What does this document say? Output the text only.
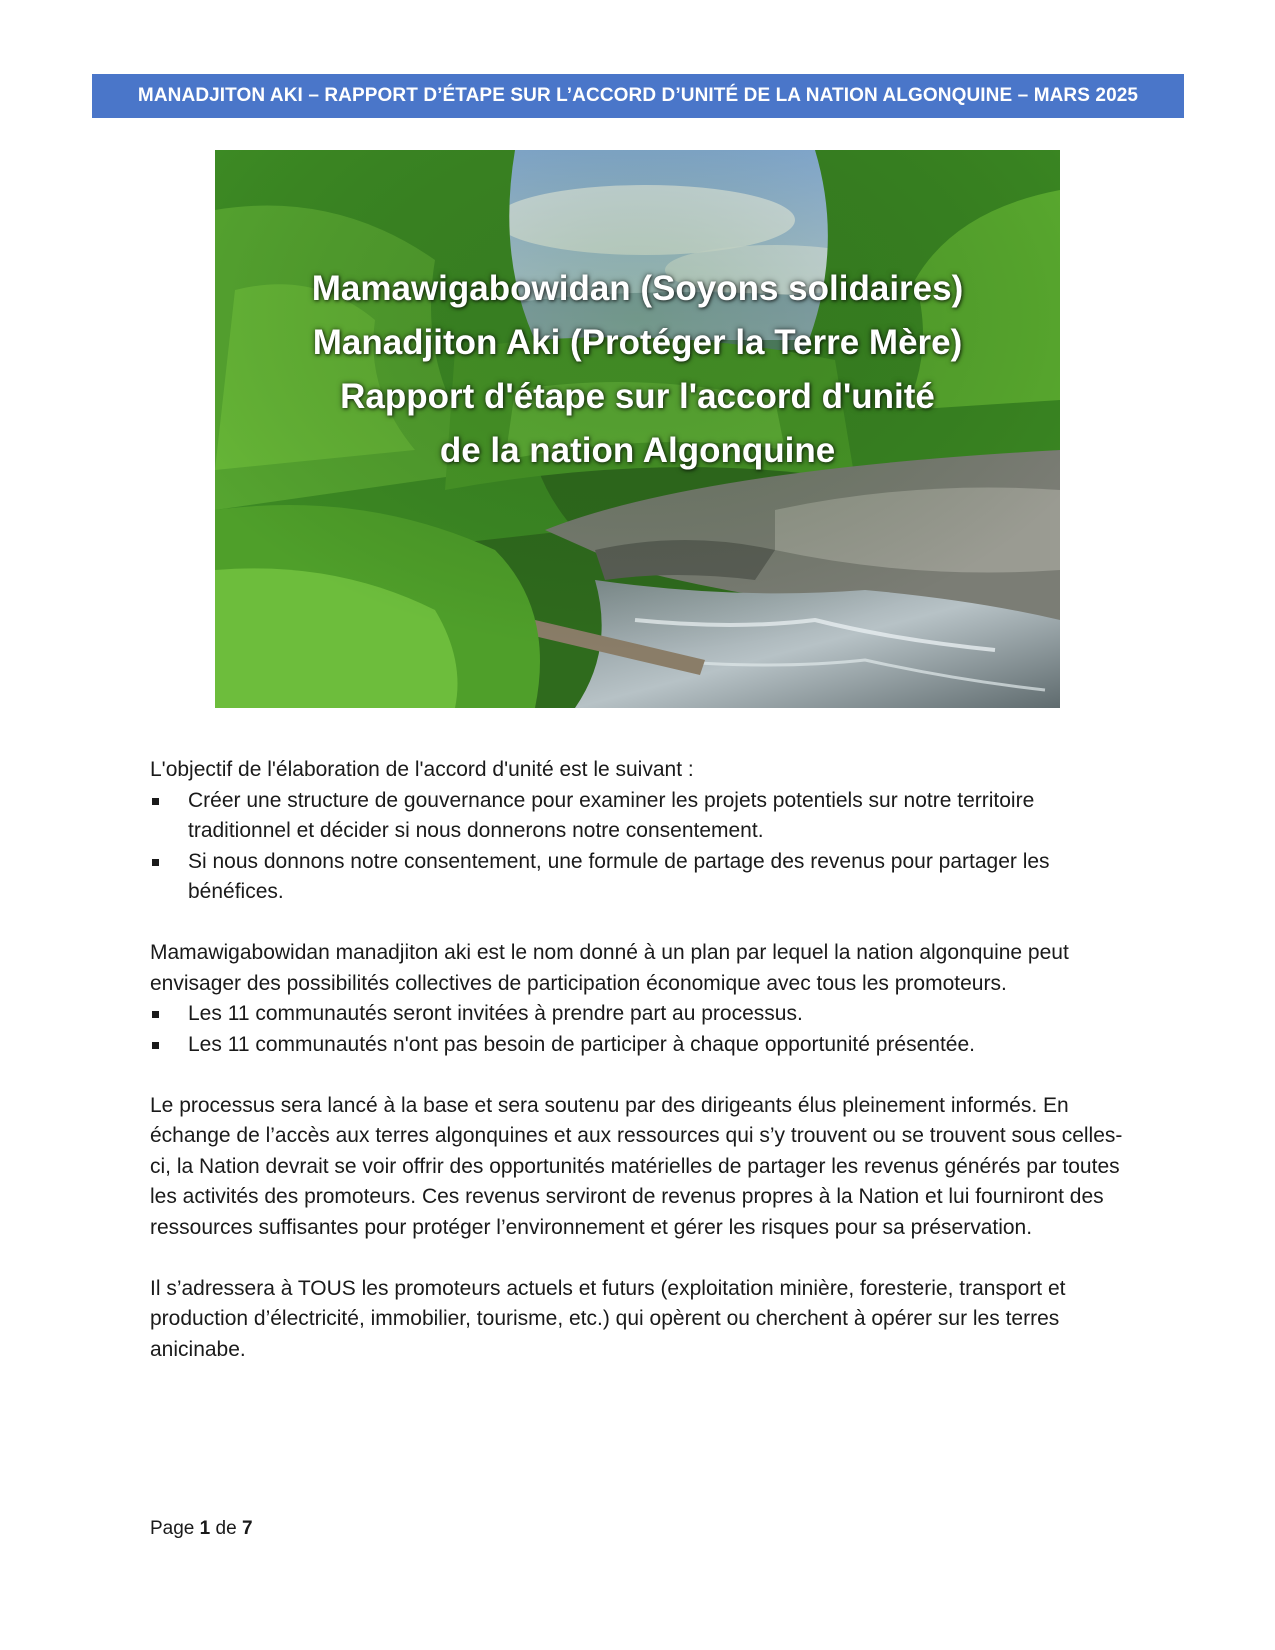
MANADJITON AKI – RAPPORT D’ÉTAPE SUR L’ACCORD D’UNITÉ DE LA NATION ALGONQUINE – MARS 2025
Mamawigabowidan (Soyons solidaires)
Manadjiton Aki (Protéger la Terre Mère)
Rapport d'étape sur l'accord d'unité
de la nation Algonquine

L'objectif de l'élaboration de l'accord d'unité est le suivant :

Créer une structure de gouvernance pour examiner les projets potentiels sur notre territoire traditionnel et décider si nous donnerons notre consentement.
Si nous donnons notre consentement, une formule de partage des revenus pour partager les bénéfices.

Mamawigabowidan manadjiton aki est le nom donné à un plan par lequel la nation algonquine peut envisager des possibilités collectives de participation économique avec tous les promoteurs.

Les 11 communautés seront invitées à prendre part au processus.
Les 11 communautés n'ont pas besoin de participer à chaque opportunité présentée.

Le processus sera lancé à la base et sera soutenu par des dirigeants élus pleinement informés. En échange de l’accès aux terres algonquines et aux ressources qui s’y trouvent ou se trouvent sous celles-ci, la Nation devrait se voir offrir des opportunités matérielles de partager les revenus générés par toutes les activités des promoteurs. Ces revenus serviront de revenus propres à la Nation et lui fourniront des ressources suffisantes pour protéger l’environnement et gérer les risques pour sa préservation.

Il s’adressera à TOUS les promoteurs actuels et futurs (exploitation minière, foresterie, transport et production d’électricité, immobilier, tourisme, etc.) qui opèrent ou cherchent à opérer sur les terres anicinabe.

Page 1 de 7
